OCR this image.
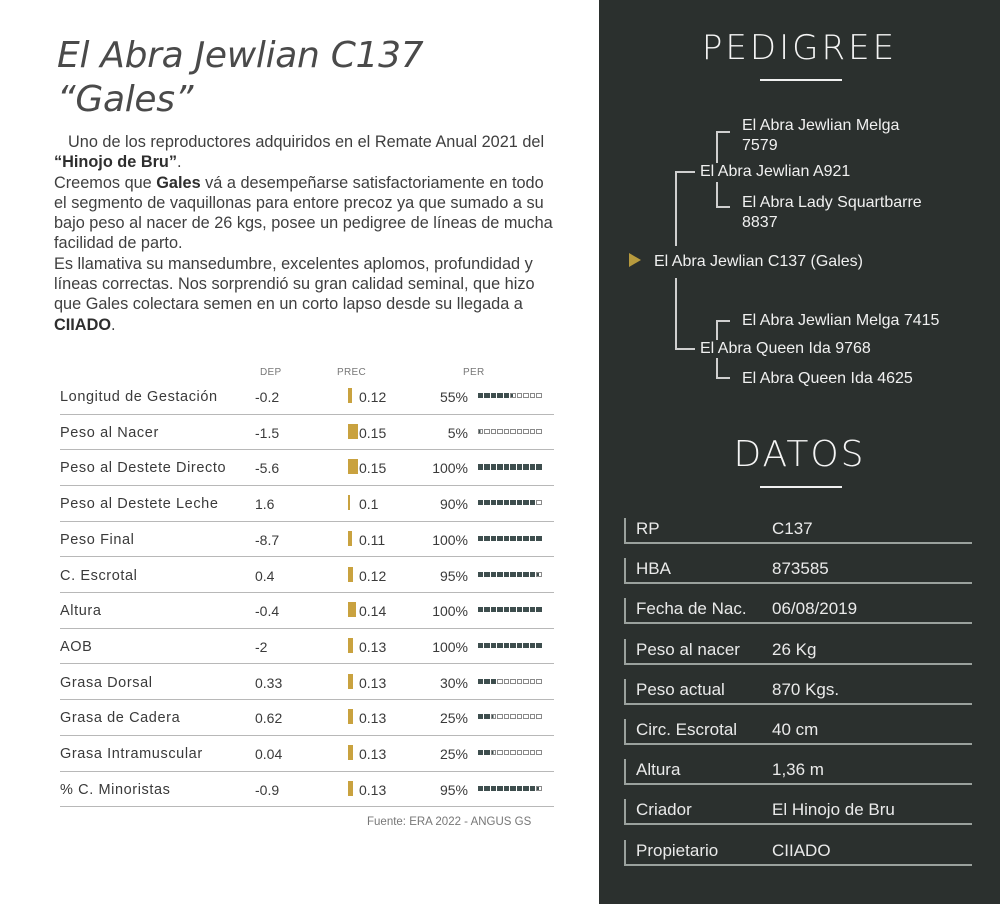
El Abra Jewlian C137
“Gales”
Uno de los reproductores adquiridos en el Remate Anual 2021 del “Hinojo de Bru”.
Creemos que Gales vá a desempeñarse satisfactoriamente en todo el segmento de vaquillonas para entore precoz ya que sumado a su bajo peso al nacer de 26 kgs, posee un pedigree de líneas de mucha facilidad de parto.
Es llamativa su mansedumbre, excelentes aplomos, profundidad y líneas correctas. Nos sorprendió su gran calidad seminal, que hizo que Gales colectara semen en un corto lapso desde su llegada a CIIADO.
DEP	PREC	PER
Longitud de Gestación	-0.2	0.12	55%
Peso al Nacer	-1.5	0.15	5%
Peso al Destete Directo -5.6	0.15	100%
Peso al Destete Leche	1.6	0.1	90%
Peso Final	-8.7	0.11	100%
C. Escrotal	0.4	0.12	95%
Altura	-0.4	0.14	100%
AOB	-2	0.13	100%
Grasa Dorsal	0.33	0.13	30%
Grasa de Cadera	0.62	0.13	25%
Grasa Intramuscular	0.04	0.13	25%
% C. Minoristas	-0.9	0.13	95%
Fuente: ERA 2022 - ANGUS GS
PEDIGREE
El Abra Jewlian Melga
7579
El Abra Jewlian A921
El Abra Lady Squartbarre
8837
El Abra Jewlian C137 (Gales)
El Abra Jewlian Melga 7415
El Abra Queen Ida 9768
El Abra Queen Ida 4625
DATOS
RP	C137
HBA	873585
Fecha de Nac. 06/08/2019
Peso al nacer 26 Kg
Peso actual	870 Kgs.
Circ. Escrotal 40 cm
Altura	1,36 m
Criador	El Hinojo de Bru
Propietario	CIIADO
